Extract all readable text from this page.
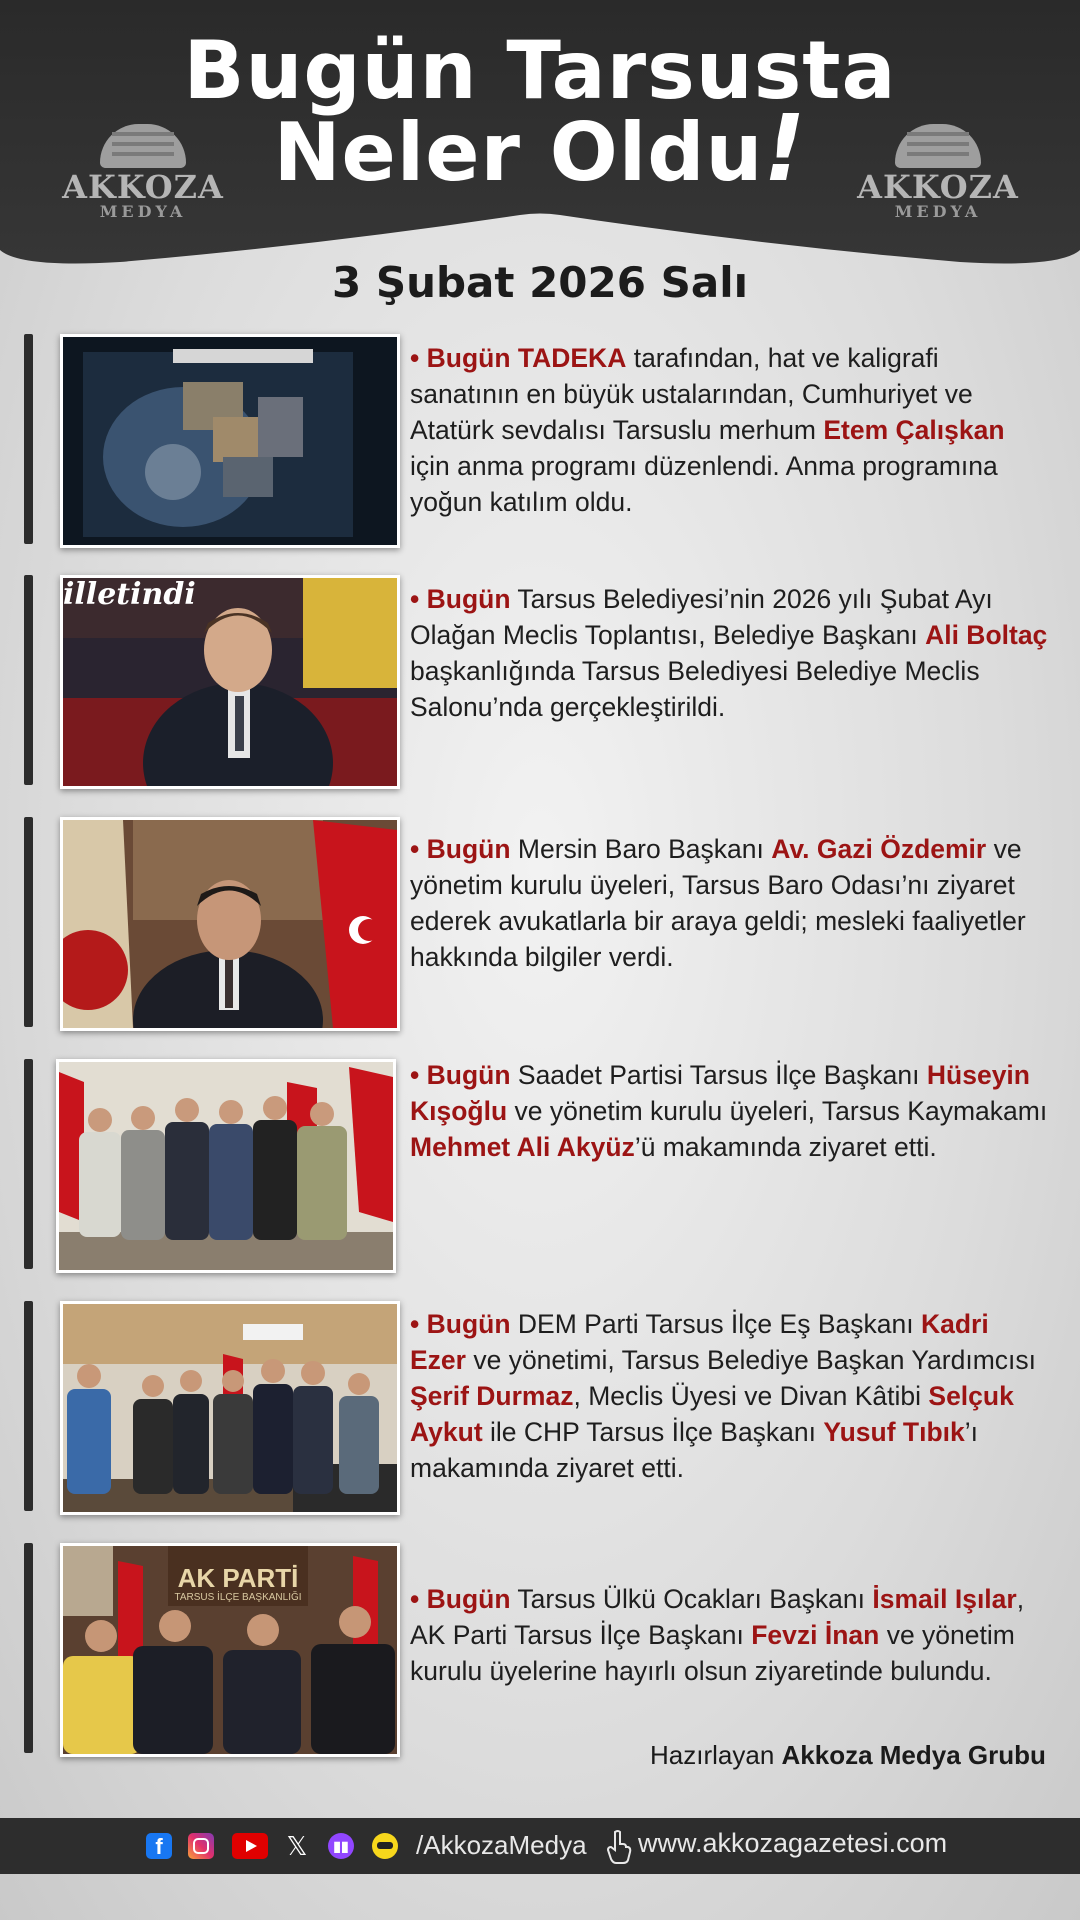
Bugün Tarsusta
Neler Oldu!
AKKOZA
MEDYA
AKKOZA
MEDYA
3 Şubat 2026 Salı
• Bugün TADEKA tarafından, hat ve kaligrafi sanatının en büyük ustalarından, Cumhuriyet ve Atatürk sevdalısı Tarsuslu merhum Etem Çalışkan için anma programı düzenlendi. Anma programına yoğun katılım oldu.
illetindi	• Bugün Tarsus Belediyesi’nin 2026 yılı Şubat Ayı Olağan Meclis Toplantısı, Belediye Başkanı Ali Boltaç başkanlığında Tarsus Belediyesi Belediye Meclis Salonu’nda gerçekleştirildi.
• Bugün Mersin Baro Başkanı Av. Gazi Özdemir ve yönetim kurulu üyeleri, Tarsus Baro Odası’nı ziyaret ederek avukatlarla bir araya geldi; mesleki faaliyetler hakkında bilgiler verdi.
• Bugün Saadet Partisi Tarsus İlçe Başkanı Hüseyin Kışoğlu ve yönetim kurulu üyeleri, Tarsus Kaymakamı Mehmet Ali Akyüz’ü makamında ziyaret etti.
• Bugün DEM Parti Tarsus İlçe Eş Başkanı Kadri Ezer ve yönetimi, Tarsus Belediye Başkan Yardımcısı Şerif Durmaz, Meclis Üyesi ve Divan Kâtibi Selçuk Aykut ile CHP Tarsus İlçe Başkanı Yusuf Tıbık’ı makamında ziyaret etti.
AK PARTİ
TARSUS İLÇE BAŞKANLIĞI	• Bugün Tarsus Ülkü Ocakları Başkanı İsmail Işılar, AK Parti Tarsus İlçe Başkanı Fevzi İnan ve yönetim kurulu üyelerine hayırlı olsun ziyaretinde bulundu.
Hazırlayan Akkoza Medya Grubu
f	𝕏	▮▮	/AkkozaMedya www.akkozagazetesi.com
